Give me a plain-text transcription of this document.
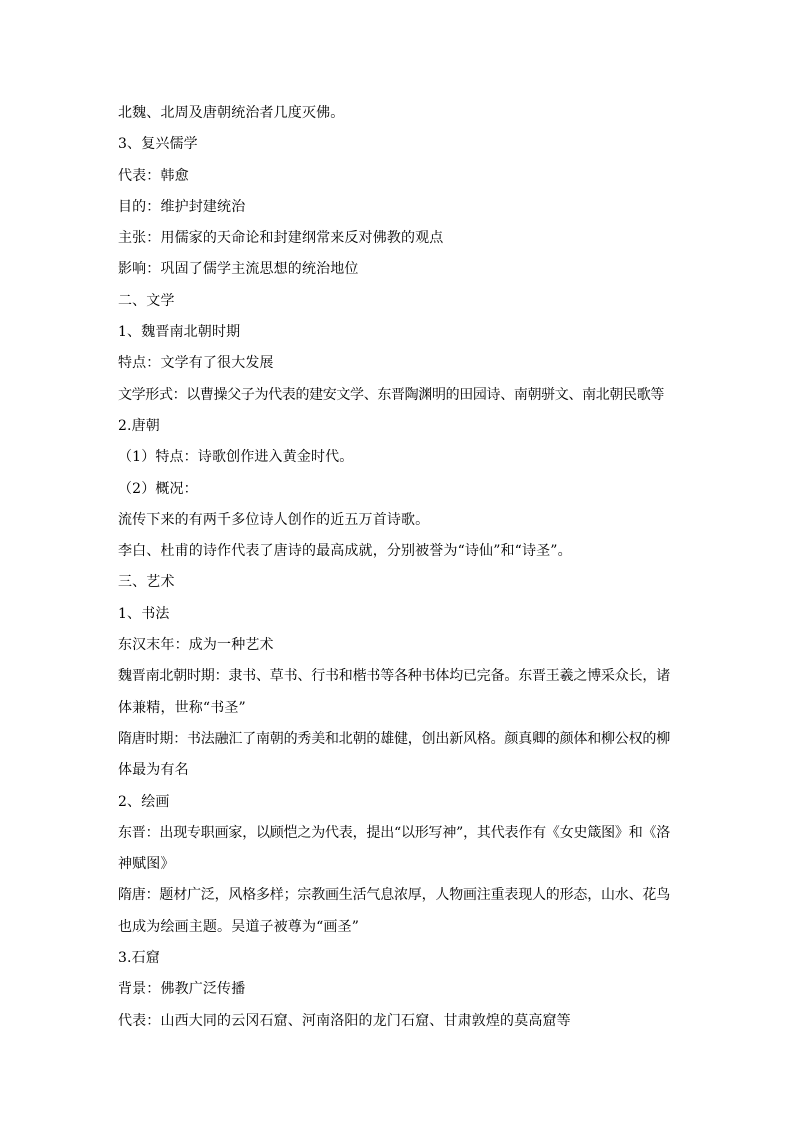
北魏、北周及唐朝统治者几度灭佛。
3、复兴儒学
代表：韩愈
目的：维护封建统治
主张：用儒家的天命论和封建纲常来反对佛教的观点
影响：巩固了儒学主流思想的统治地位
二、文学
1、魏晋南北朝时期
特点：文学有了很大发展
文学形式：以曹操父子为代表的建安文学、东晋陶渊明的田园诗、南朝骈文、南北朝民歌等
2.唐朝
（1）特点：诗歌创作进入黄金时代。
（2）概况：
流传下来的有两千多位诗人创作的近五万首诗歌。
李白、杜甫的诗作代表了唐诗的最高成就，分别被誉为“诗仙”和“诗圣”。
三、艺术
1、书法
东汉末年：成为一种艺术
魏晋南北朝时期：隶书、草书、行书和楷书等各种书体均已完备。东晋王羲之博采众长，诸
体兼精，世称“书圣”
隋唐时期：书法融汇了南朝的秀美和北朝的雄健，创出新风格。颜真卿的颜体和柳公权的柳
体最为有名
2、绘画
东晋：出现专职画家，以顾恺之为代表，提出“以形写神”，其代表作有《女史箴图》和《洛
神赋图》
隋唐：题材广泛，风格多样；宗教画生活气息浓厚，人物画注重表现人的形态，山水、花鸟
也成为绘画主题。吴道子被尊为“画圣”
3.石窟
背景：佛教广泛传播
代表：山西大同的云冈石窟、河南洛阳的龙门石窟、甘肃敦煌的莫高窟等
